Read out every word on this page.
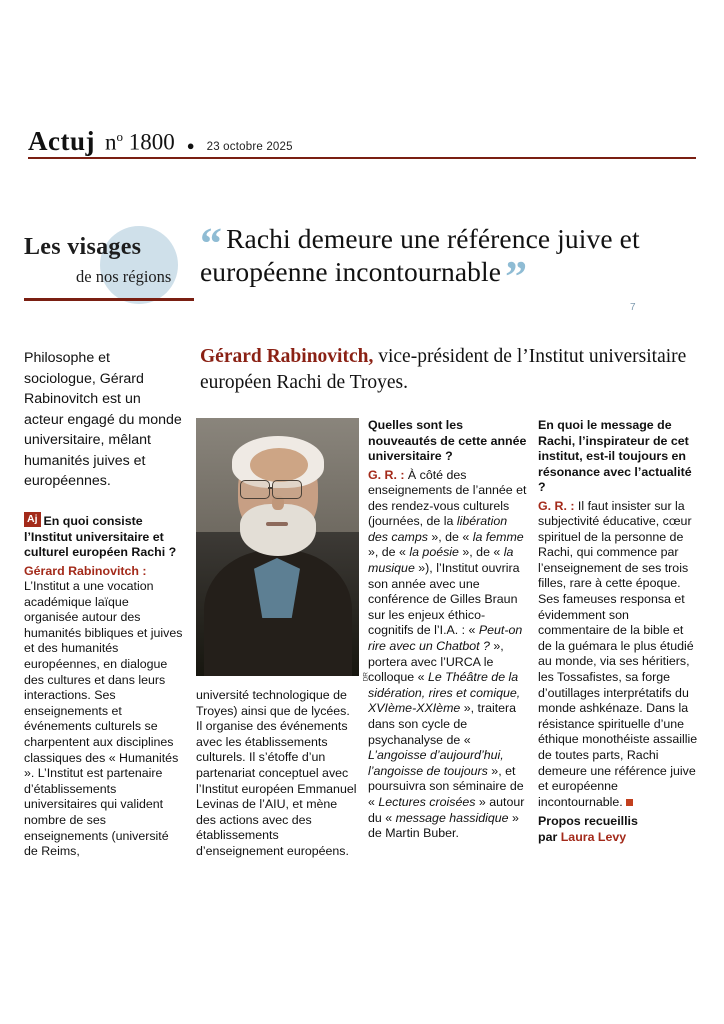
Actuj $n^o$ 1800 ● 23 octobre 2025
Les visages
de nos régions
“ Rachi demeure une référence juive et européenne incontournable”
7
Gérard Rabinovitch, vice-président de l’Institut universitaire européen Rachi de Troyes.
Philosophe et sociologue, Gérard Rabinovitch est un acteur engagé du monde universitaire, mêlant humanités juives et européennes.
Aj En quoi consiste l’Institut universitaire et culturel européen Rachi ?

Gérard Rabinovitch :

L’Institut a une vocation académique laïque organisée autour des humanités bibliques et juives et des humanités européennes, en dialogue des cultures et dans leurs interactions. Ses enseignements et événements culturels se charpentent aux disciplines classiques des « Humanités ». L’Institut est partenaire d’établissements universitaires qui valident nombre de ses enseignements (université de Reims,

DR
université technologique de Troyes) ainsi que de lycées. Il organise des événements avec les établissements culturels. Il s’étoffe d’un partenariat conceptuel avec l’Institut européen Emmanuel Levinas de l’AIU, et mène des actions avec des établissements d’enseignement européens.
Quelles sont les nouveautés de cette année universitaire ?

G. R. : À côté des enseignements de l’année et des rendez-vous culturels (journées, de la libération des camps », de « la femme », de « la poésie », de « la musique »), l’Institut ouvrira son année avec une conférence de Gilles Braun sur les enjeux éthico-cognitifs de l’I.A. : « Peut-on rire avec un Chatbot ? », portera avec l’URCA le colloque « Le Théâtre de la sidération, rires et comique, XVIème-XXIème », traitera dans son cycle de psychanalyse de « L’angoisse d’aujourd’hui, l’angoisse de toujours », et poursuivra son séminaire de « Lectures croisées » autour du « message hassidique » de Martin Buber.

En quoi le message de Rachi, l’inspirateur de cet institut, est-il toujours en résonance avec l’actualité ?

G. R. : Il faut insister sur la subjectivité éducative, cœur spirituel de la personne de Rachi, qui commence par l’enseignement de ses trois filles, rare à cette époque. Ses fameuses responsa et évidemment son commentaire de la bible et de la guémara le plus étudié au monde, via ses héritiers, les Tossafistes, sa forge d’outillages interprétatifs du monde ashkénaze. Dans la résistance spirituelle d’une éthique monothéiste assaillie de toutes parts, Rachi demeure une référence juive et européenne incontournable.

Propos recueillis
par Laura Levy
